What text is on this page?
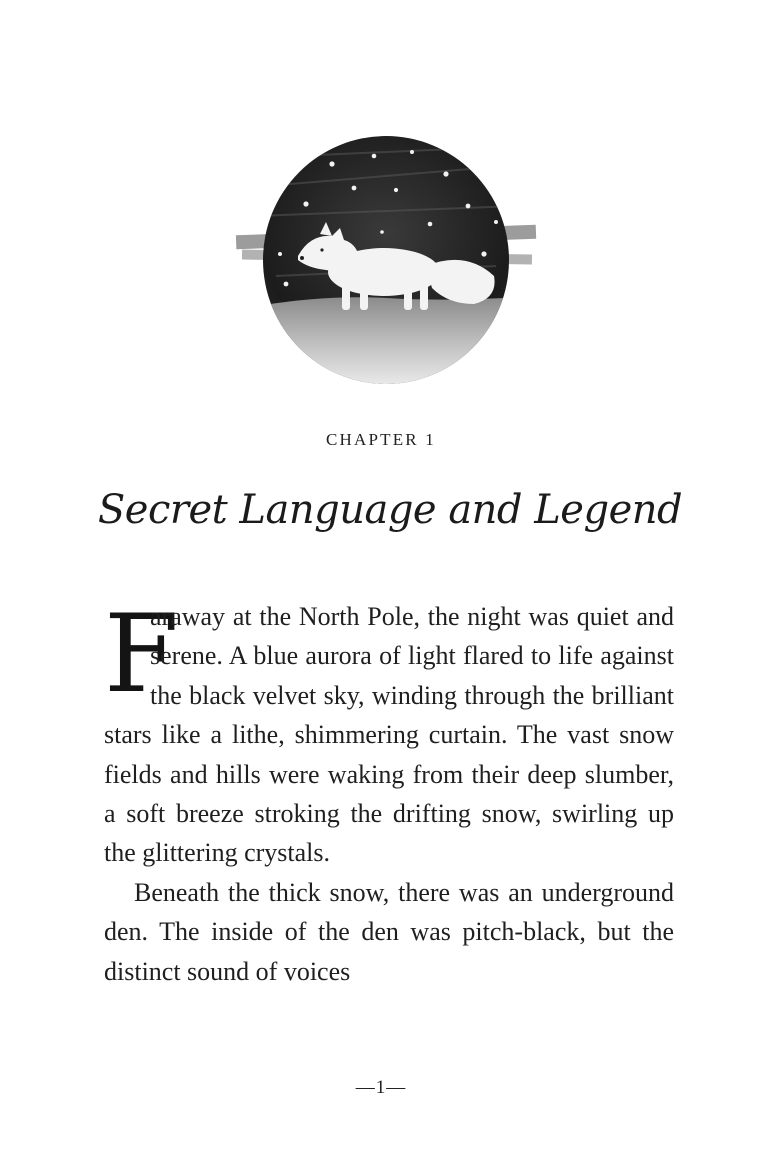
CHAPTER 1
Secret Language and Legend

F
araway at the North Pole, the night was quiet and serene. A blue aurora of light flared to life against the black velvet sky, winding through the brilliant stars like a lithe, shimmering curtain. The vast snow fields and hills were waking from their deep slumber, a soft breeze stroking the drifting snow, swirling up the glittering crystals.

Beneath the thick snow, there was an underground den. The inside of the den was pitch-black, but the distinct sound of voices

—1—
